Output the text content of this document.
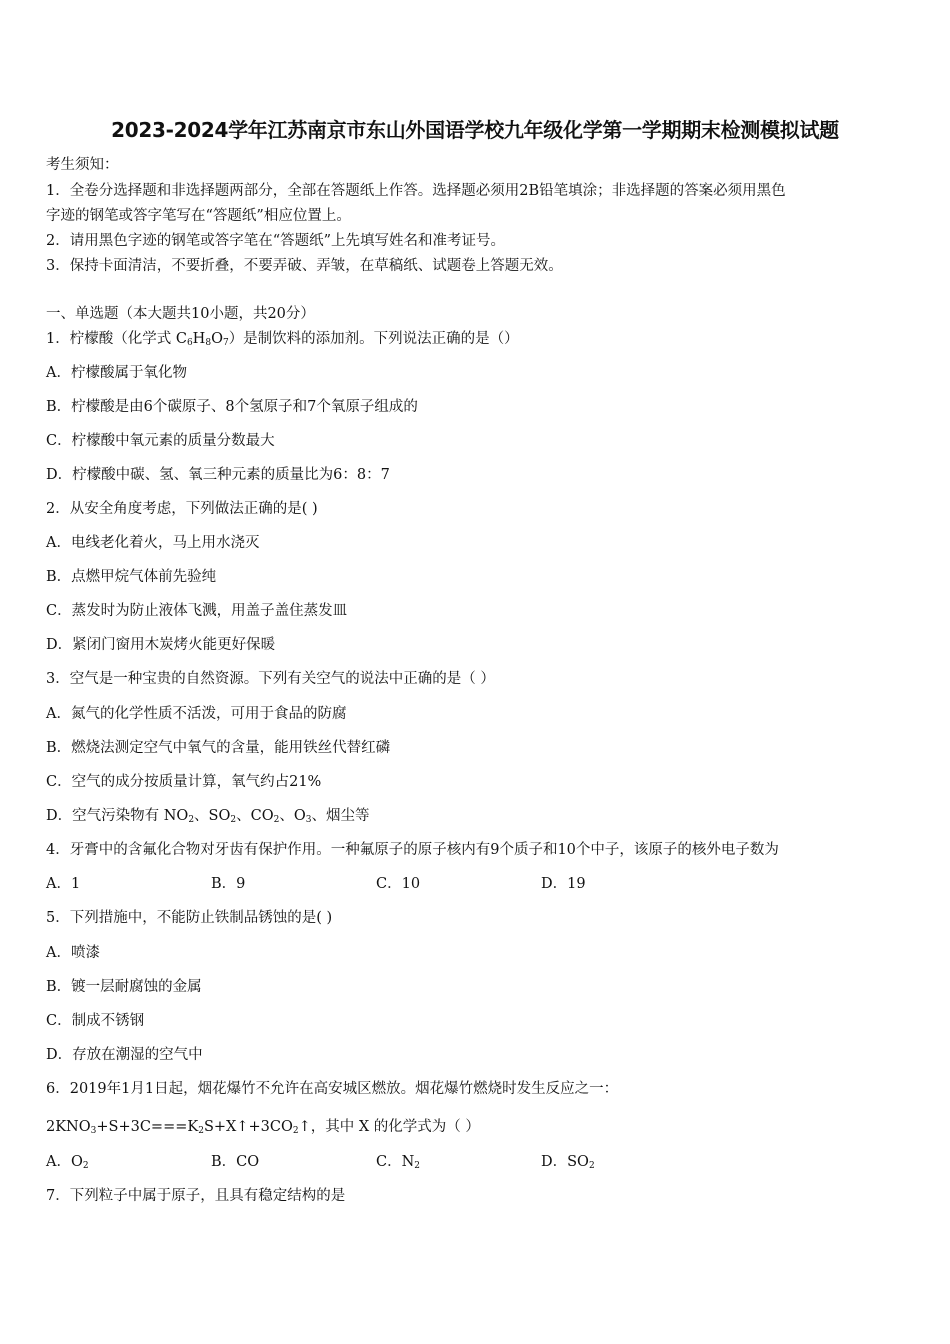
2023-2024学年江苏南京市东山外国语学校九年级化学第一学期期末检测模拟试题
考生须知：
1．全卷分选择题和非选择题两部分，全部在答题纸上作答。选择题必须用2B铅笔填涂；非选择题的答案必须用黑色
字迹的钢笔或答字笔写在“答题纸”相应位置上。
2．请用黑色字迹的钢笔或答字笔在“答题纸”上先填写姓名和准考证号。
3．保持卡面清洁，不要折叠，不要弄破、弄皱，在草稿纸、试题卷上答题无效。
一、单选题（本大题共10小题，共20分）
1．柠檬酸（化学式 $C_6H_8O_7$）是制饮料的添加剂。下列说法正确的是（）
A．柠檬酸属于氧化物
B．柠檬酸是由6个碳原子、8个氢原子和7个氧原子组成的
C．柠檬酸中氧元素的质量分数最大
D．柠檬酸中碳、氢、氧三种元素的质量比为6：8：7
2．从安全角度考虑，下列做法正确的是( )
A．电线老化着火，马上用水浇灭
B．点燃甲烷气体前先验纯
C．蒸发时为防止液体飞溅，用盖子盖住蒸发皿
D．紧闭门窗用木炭烤火能更好保暖
3．空气是一种宝贵的自然资源。下列有关空气的说法中正确的是（ ）
A．氮气的化学性质不活泼，可用于食品的防腐
B．燃烧法测定空气中氧气的含量，能用铁丝代替红磷
C．空气的成分按质量计算，氧气约占21%
D．空气污染物有 $NO_2$、$SO_2$、$CO_2$、$O_3$、烟尘等
4．牙膏中的含氟化合物对牙齿有保护作用。一种氟原子的原子核内有9个质子和10个中子，该原子的核外电子数为
A．1	B．9	C．10	D．19
5．下列措施中，不能防止铁制品锈蚀的是( )
A．喷漆
B．镀一层耐腐蚀的金属
C．制成不锈钢
D．存放在潮湿的空气中
6．2019年1月1日起，烟花爆竹不允许在高安城区燃放。烟花爆竹燃烧时发生反应之一：
$2KNO_3+S+3C===K_2S+X↑+3CO_2↑$，其中 X 的化学式为（ ）
A．$O_2$	B．CO	C．$N_2$	D．$SO_2$
7．下列粒子中属于原子，且具有稳定结构的是
